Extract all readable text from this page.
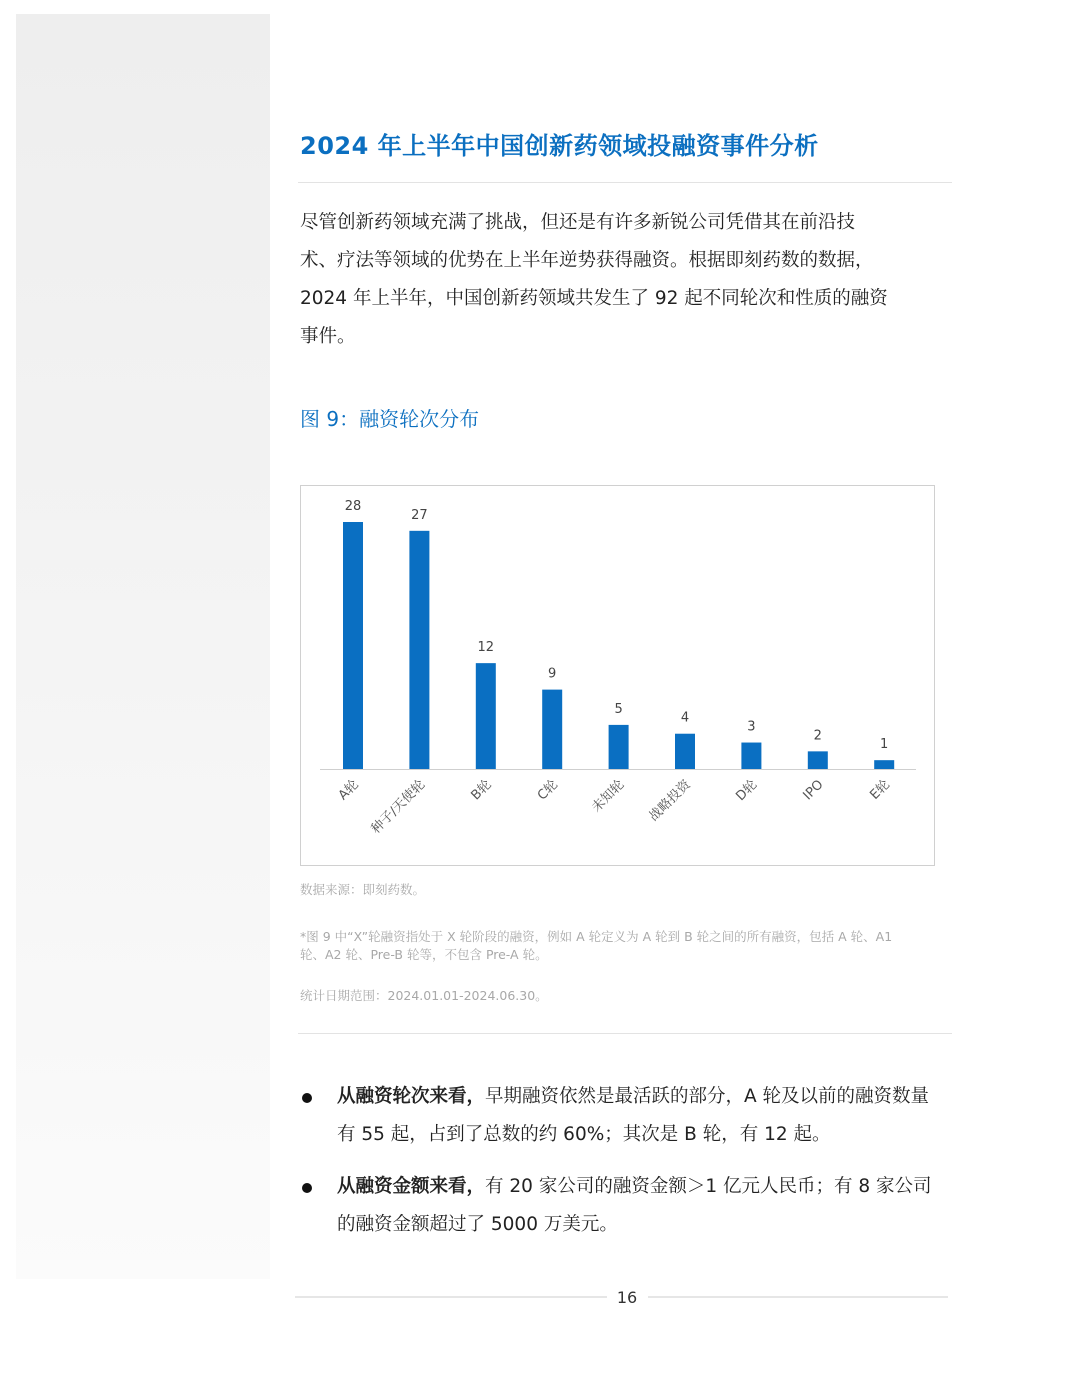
2024 年上半年中国创新药领域投融资事件分析
尽管创新药领域充满了挑战，但还是有许多新锐公司凭借其在前沿技
术、疗法等领域的优势在上半年逆势获得融资。根据即刻药数的数据，
2024 年上半年，中国创新药领域共发生了 92 起不同轮次和性质的融资
事件。
图 9：融资轮次分布
28
A轮
27
种子/天使轮
12
B轮
9
C轮
5
未知轮
4
战略投资
3
D轮
2
IPO
1
E轮
数据来源：即刻药数。
*图 9 中“X”轮融资指处于 X 轮阶段的融资，例如 A 轮定义为 A 轮到 B 轮之间的所有融资，包括 A 轮、A1
轮、A2 轮、Pre-B 轮等，不包含 Pre-A 轮。
统计日期范围：2024.01.01-2024.06.30。
从融资轮次来看，早期融资依然是最活跃的部分，A 轮及以前的融资数量
有 55 起，占到了总数的约 60%；其次是 B 轮，有 12 起。
从融资金额来看，有 20 家公司的融资金额＞1 亿元人民币；有 8 家公司
的融资金额超过了 5000 万美元。
16
